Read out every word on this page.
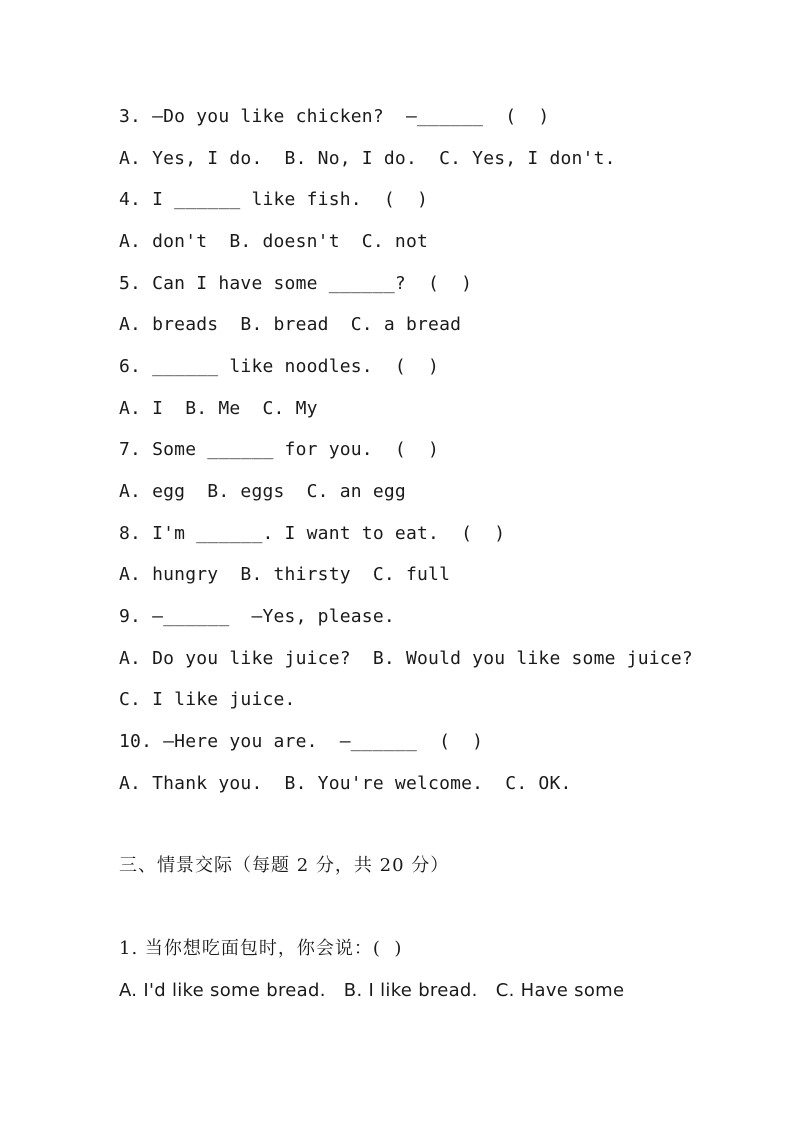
3. —Do you like chicken?  —______  (  )
A. Yes, I do.  B. No, I do.  C. Yes, I don't.
4. I ______ like fish.  (  )
A. don't  B. doesn't  C. not
5. Can I have some ______?  (  )
A. breads  B. bread  C. a bread
6. ______ like noodles.  (  )
A. I  B. Me  C. My
7. Some ______ for you.  (  )
A. egg  B. eggs  C. an egg
8. I'm ______. I want to eat.  (  )
A. hungry  B. thirsty  C. full
9. —______  —Yes, please.
A. Do you like juice?  B. Would you like some juice?
C. I like juice.
10. —Here you are.  —______  (  )
A. Thank you.  B. You're welcome.  C. OK.
三、情景交际（每题 2 分，共 20 分）
1. 当你想吃面包时，你会说：(  )
A. I'd like some bread.   B. I like bread.   C. Have some
